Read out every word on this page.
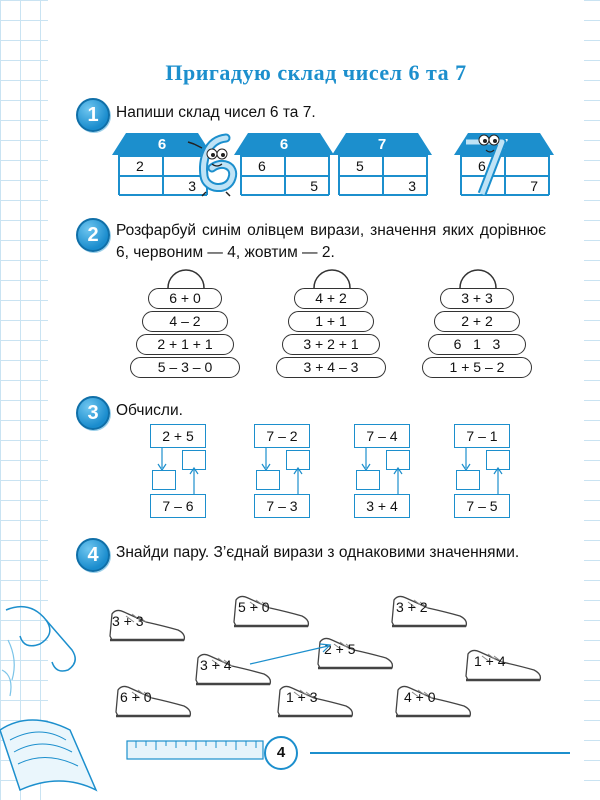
Пригадую склад чисел 6 та 7
1	Напиши склад чисел 6 та 7.
6
2
3
6
6
5
7
5
3
7
6
7
2	Розфарбуй синім олівцем вирази, значення яких дорівнює 6, червоним — 4, жовтим — 2.
6 + 0
4 – 2
2 + 1 + 1
5 – 3 – 0
4 + 2
1 + 1
3 + 2 + 1
3 + 4 – 3
3 + 3
2 + 2
6   1   3
1 + 5 – 2
3	Обчисли.
2 + 5
7 – 6
7 – 2
7 – 3
7 – 4
3 + 4
7 – 1
7 – 5
4	Знайди пару. З’єднай вирази з однаковими значеннями.
3 + 3
5 + 0	3 + 2
3 + 4
2 + 5
1 + 4
6 + 0	1 + 3	4 + 0
4
